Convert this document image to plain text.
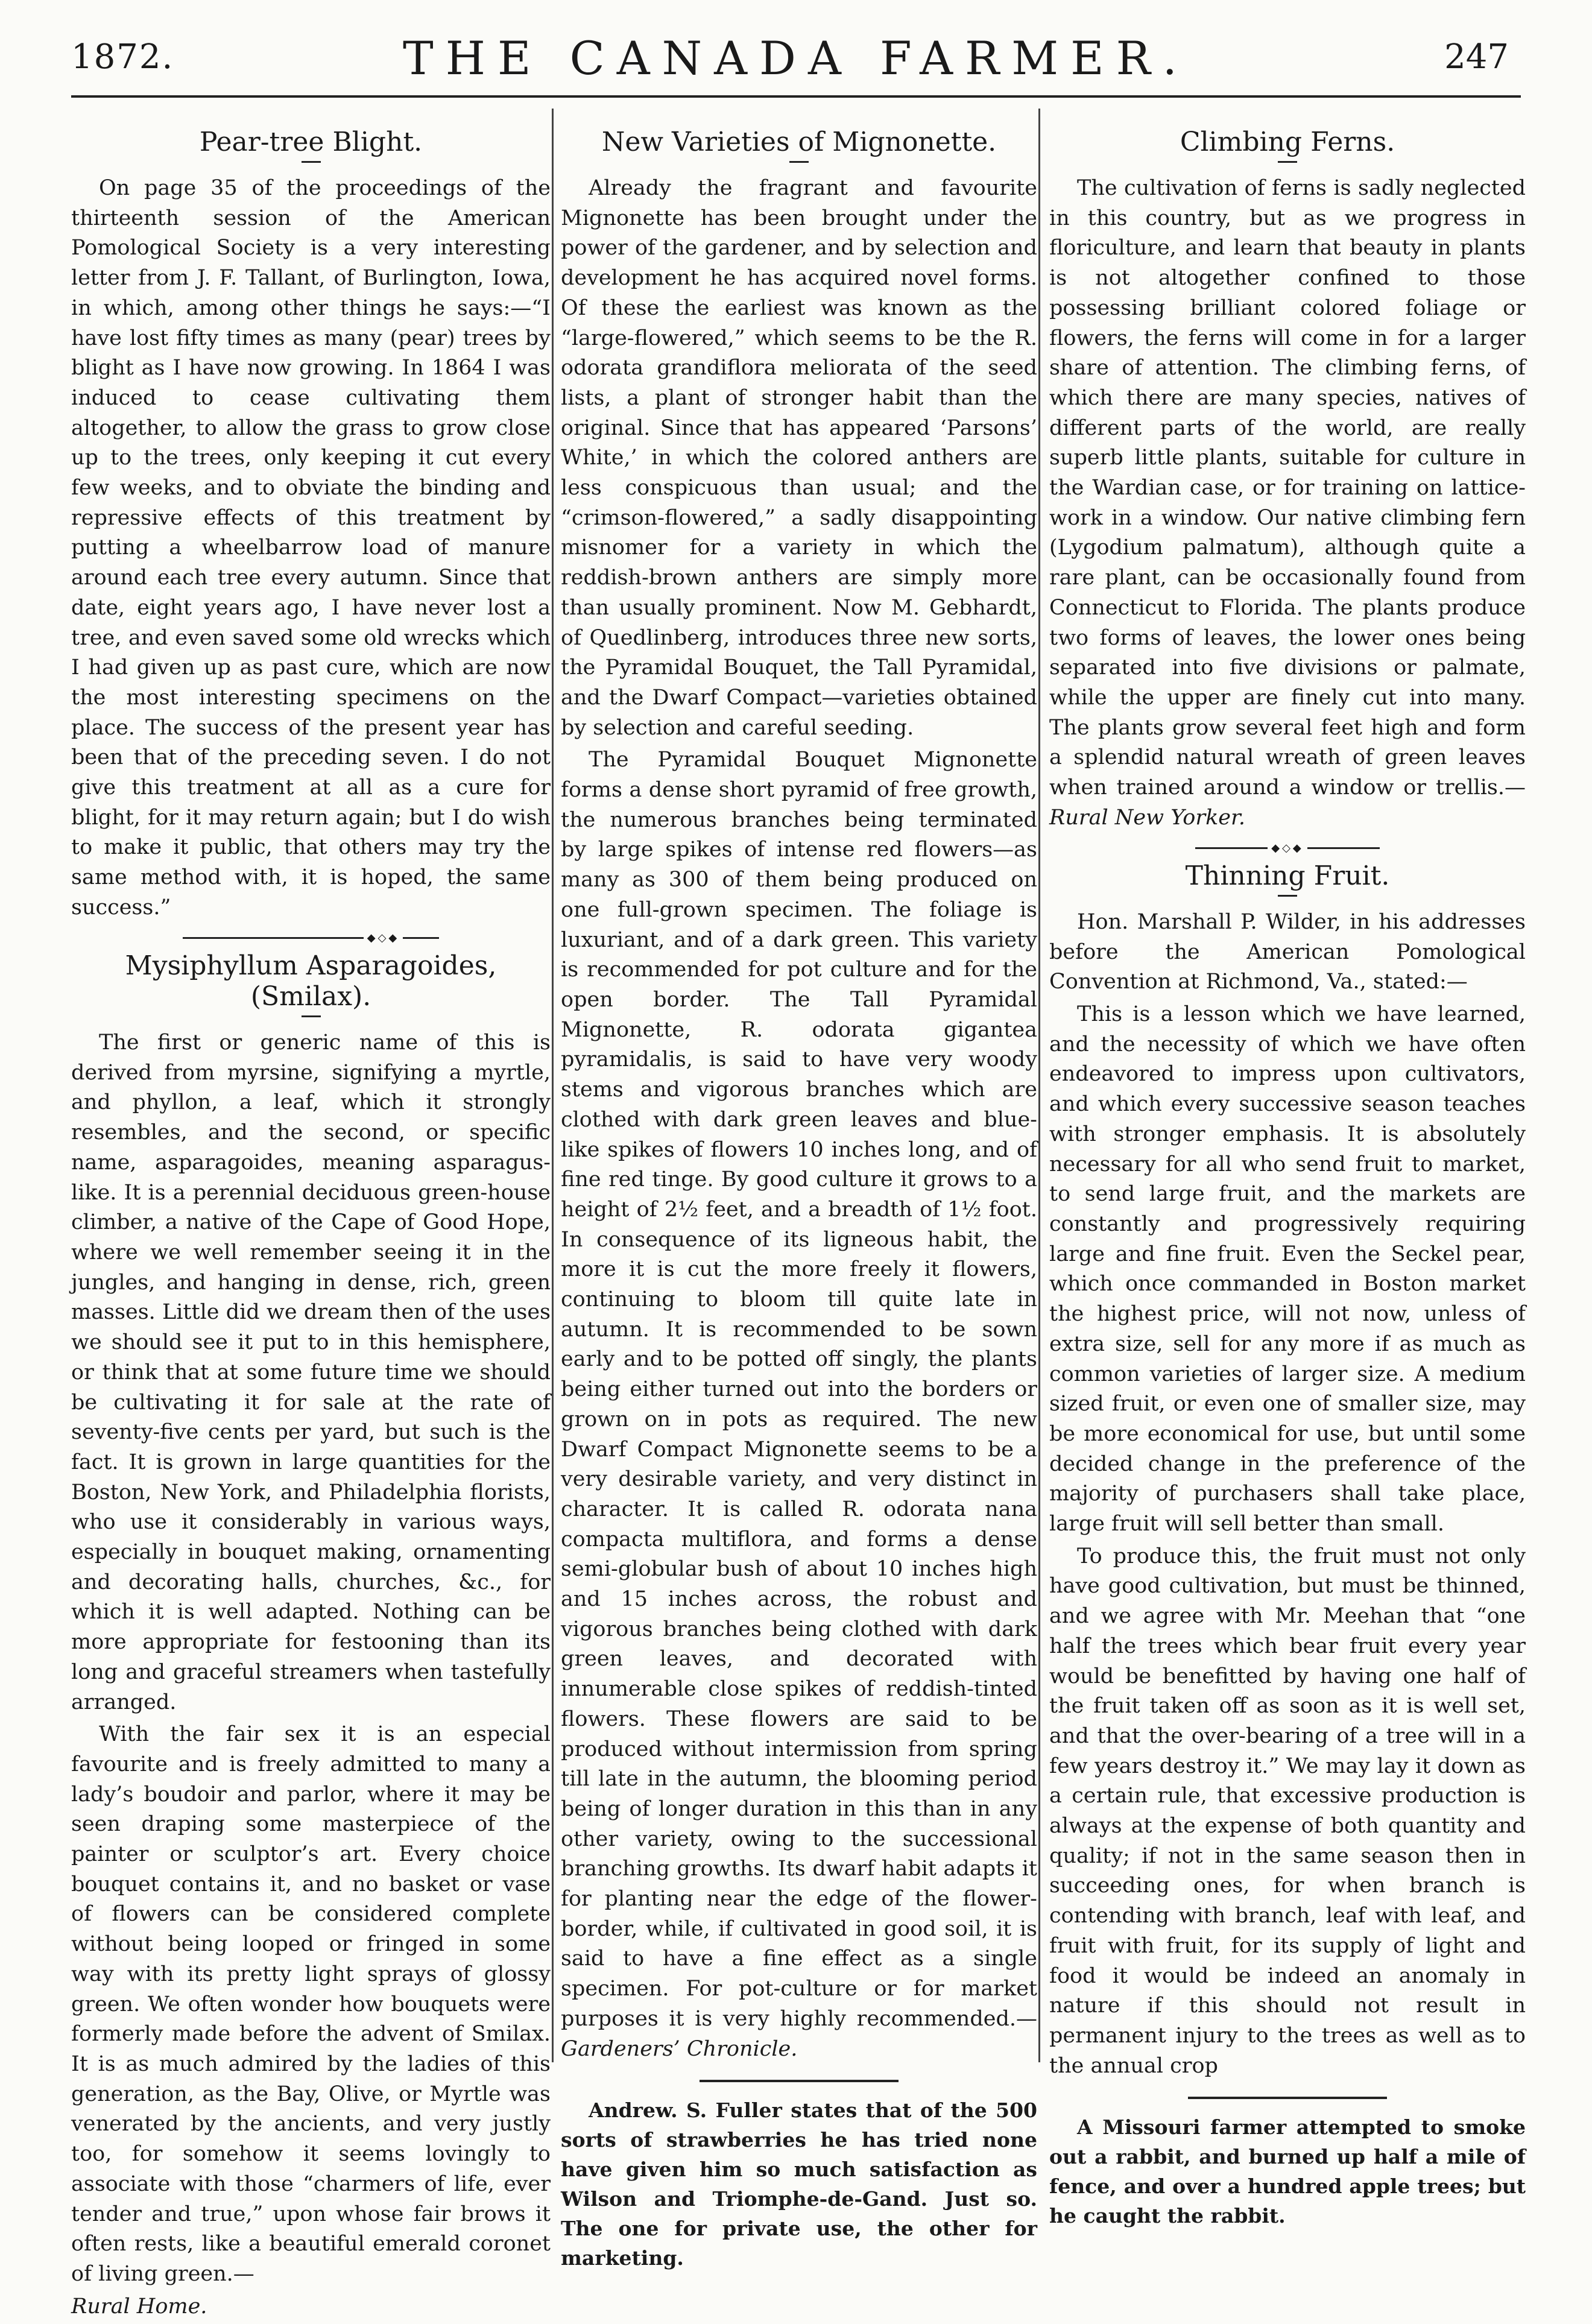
1872.	THE CANADA FARMER.	247
Pear-tree Blight.

On page 35 of the proceedings of the thirteenth session of the American Pomological Society is a very interesting letter from J. F. Tallant, of Burlington, Iowa, in which, among other things he says:—“I have lost fifty times as many (pear) trees by blight as I have now growing. In 1864 I was induced to cease cultivating them altogether, to allow the grass to grow close up to the trees, only keeping it cut every few weeks, and to obviate the binding and repressive effects of this treatment by putting a wheelbarrow load of manure around each tree every autumn. Since that date, eight years ago, I have never lost a tree, and even saved some old wrecks which I had given up as past cure, which are now the most interesting specimens on the place. The success of the present year has been that of the preceding seven. I do not give this treatment at all as a cure for blight, for it may return again; but I do wish to make it public, that others may try the same method with, it is hoped, the same success.”

◆◇◆
Mysiphyllum Asparagoides, (Smilax).

The first or generic name of this is derived from myrsine, signifying a myrtle, and phyllon, a leaf, which it strongly resembles, and the second, or specific name, asparagoides, meaning asparagus-like. It is a perennial deciduous green-house climber, a native of the Cape of Good Hope, where we well remember seeing it in the jungles, and hanging in dense, rich, green masses. Little did we dream then of the uses we should see it put to in this hemisphere, or think that at some future time we should be cultivating it for sale at the rate of seventy-five cents per yard, but such is the fact. It is grown in large quantities for the Boston, New York, and Philadelphia florists, who use it considerably in various ways, especially in bouquet making, ornamenting and decorating halls, churches, &c., for which it is well adapted. Nothing can be more appropriate for festooning than its long and graceful streamers when tastefully arranged.

With the fair sex it is an especial favourite and is freely admitted to many a lady’s boudoir and parlor, where it may be seen draping some masterpiece of the painter or sculptor’s art. Every choice bouquet contains it, and no basket or vase of flowers can be considered complete without being looped or fringed in some way with its pretty light sprays of glossy green. We often wonder how bouquets were formerly made before the advent of Smilax. It is as much admired by the ladies of this generation, as the Bay, Olive, or Myrtle was venerated by the ancients, and very justly too, for somehow it seems lovingly to associate with those “charmers of life, ever tender and true,” upon whose fair brows it often rests, like a beautiful emerald coronet of living green.—

Rural Home.

New Varieties of Mignonette.

Already the fragrant and favourite Mignonette has been brought under the power of the gardener, and by selection and development he has acquired novel forms. Of these the earliest was known as the “large-flowered,” which seems to be the R. odorata grandiflora meliorata of the seed lists, a plant of stronger habit than the original. Since that has appeared ‘Parsons’ White,’ in which the colored anthers are less conspicuous than usual; and the “crimson-flowered,” a sadly disappointing misnomer for a variety in which the reddish-brown anthers are simply more than usually prominent. Now M. Gebhardt, of Quedlinberg, introduces three new sorts, the Pyramidal Bouquet, the Tall Pyramidal, and the Dwarf Compact—varieties obtained by selection and careful seeding.

The Pyramidal Bouquet Mignonette forms a dense short pyramid of free growth, the numerous branches being terminated by large spikes of intense red flowers—as many as 300 of them being produced on one full-grown specimen. The foliage is luxuriant, and of a dark green. This variety is recommended for pot culture and for the open border. The Tall Pyramidal Mignonette, R. odorata gigantea pyramidalis, is said to have very woody stems and vigorous branches which are clothed with dark green leaves and blue-like spikes of flowers 10 inches long, and of fine red tinge. By good culture it grows to a height of 2½ feet, and a breadth of 1½ foot. In consequence of its ligneous habit, the more it is cut the more freely it flowers, continuing to bloom till quite late in autumn. It is recommended to be sown early and to be potted off singly, the plants being either turned out into the borders or grown on in pots as required. The new Dwarf Compact Mignonette seems to be a very desirable variety, and very distinct in character. It is called R. odorata nana compacta multiflora, and forms a dense semi-globular bush of about 10 inches high and 15 inches across, the robust and vigorous branches being clothed with dark green leaves, and decorated with innumerable close spikes of reddish-tinted flowers. These flowers are said to be produced without intermission from spring till late in the autumn, the blooming period being of longer duration in this than in any other variety, owing to the successional branching growths. Its dwarf habit adapts it for planting near the edge of the flower-border, while, if cultivated in good soil, it is said to have a fine effect as a single specimen. For pot-culture or for market purposes it is very highly recommended.—Gardeners’ Chronicle.

Andrew. S. Fuller states that of the 500 sorts of strawberries he has tried none have given him so much satisfaction as Wilson and Triomphe-de-Gand. Just so. The one for private use, the other for marketing.

Climbing Ferns.

The cultivation of ferns is sadly neglected in this country, but as we progress in floriculture, and learn that beauty in plants is not altogether confined to those possessing brilliant colored foliage or flowers, the ferns will come in for a larger share of attention. The climbing ferns, of which there are many species, natives of different parts of the world, are really superb little plants, suitable for culture in the Wardian case, or for training on lattice-work in a window. Our native climbing fern (Lygodium palmatum), although quite a rare plant, can be occasionally found from Connecticut to Florida. The plants produce two forms of leaves, the lower ones being separated into five divisions or palmate, while the upper are finely cut into many. The plants grow several feet high and form a splendid natural wreath of green leaves when trained around a window or trellis.—Rural New Yorker.

◆◇◆
Thinning Fruit.

Hon. Marshall P. Wilder, in his addresses before the American Pomological Convention at Richmond, Va., stated:—

This is a lesson which we have learned, and the necessity of which we have often endeavored to impress upon cultivators, and which every successive season teaches with stronger emphasis. It is absolutely necessary for all who send fruit to market, to send large fruit, and the markets are constantly and progressively requiring large and fine fruit. Even the Seckel pear, which once commanded in Boston market the highest price, will not now, unless of extra size, sell for any more if as much as common varieties of larger size. A medium sized fruit, or even one of smaller size, may be more economical for use, but until some decided change in the preference of the majority of purchasers shall take place, large fruit will sell better than small.

To produce this, the fruit must not only have good cultivation, but must be thinned, and we agree with Mr. Meehan that “one half the trees which bear fruit every year would be benefitted by having one half of the fruit taken off as soon as it is well set, and that the over-bearing of a tree will in a few years destroy it.” We may lay it down as a certain rule, that excessive production is always at the expense of both quantity and quality; if not in the same season then in succeeding ones, for when branch is contending with branch, leaf with leaf, and fruit with fruit, for its supply of light and food it would be indeed an anomaly in nature if this should not result in permanent injury to the trees as well as to the annual crop

A Missouri farmer attempted to smoke out a rabbit, and burned up half a mile of fence, and over a hundred apple trees; but he caught the rabbit.
